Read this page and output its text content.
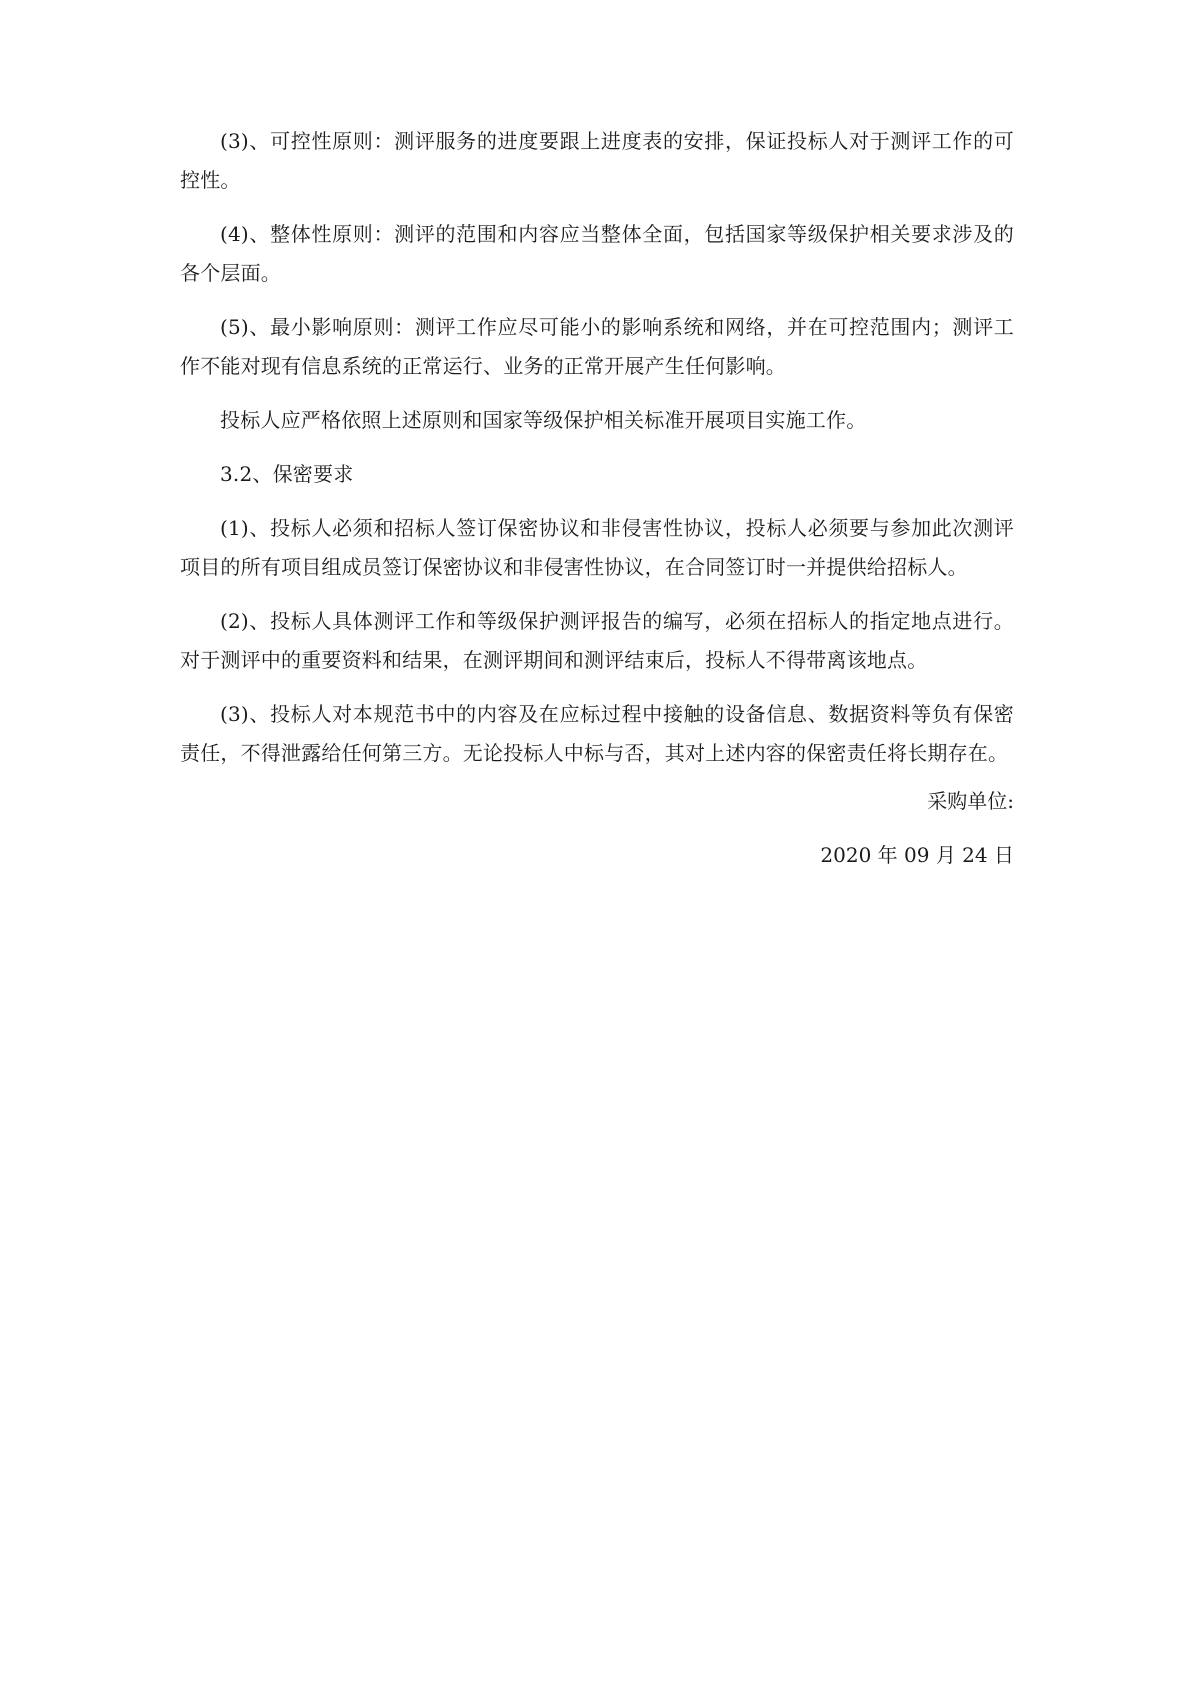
(3)、可控性原则：测评服务的进度要跟上进度表的安排，保证投标人对于测评工作的可控性。

(4)、整体性原则：测评的范围和内容应当整体全面，包括国家等级保护相关要求涉及的各个层面。

(5)、最小影响原则：测评工作应尽可能小的影响系统和网络，并在可控范围内；测评工作不能对现有信息系统的正常运行、业务的正常开展产生任何影响。

投标人应严格依照上述原则和国家等级保护相关标准开展项目实施工作。

3.2、保密要求

(1)、投标人必须和招标人签订保密协议和非侵害性协议，投标人必须要与参加此次测评项目的所有项目组成员签订保密协议和非侵害性协议，在合同签订时一并提供给招标人。

(2)、投标人具体测评工作和等级保护测评报告的编写，必须在招标人的指定地点进行。对于测评中的重要资料和结果，在测评期间和测评结束后，投标人不得带离该地点。

(3)、投标人对本规范书中的内容及在应标过程中接触的设备信息、数据资料等负有保密责任，不得泄露给任何第三方。无论投标人中标与否，其对上述内容的保密责任将长期存在。

采购单位:
2020 年 09 月 24 日
